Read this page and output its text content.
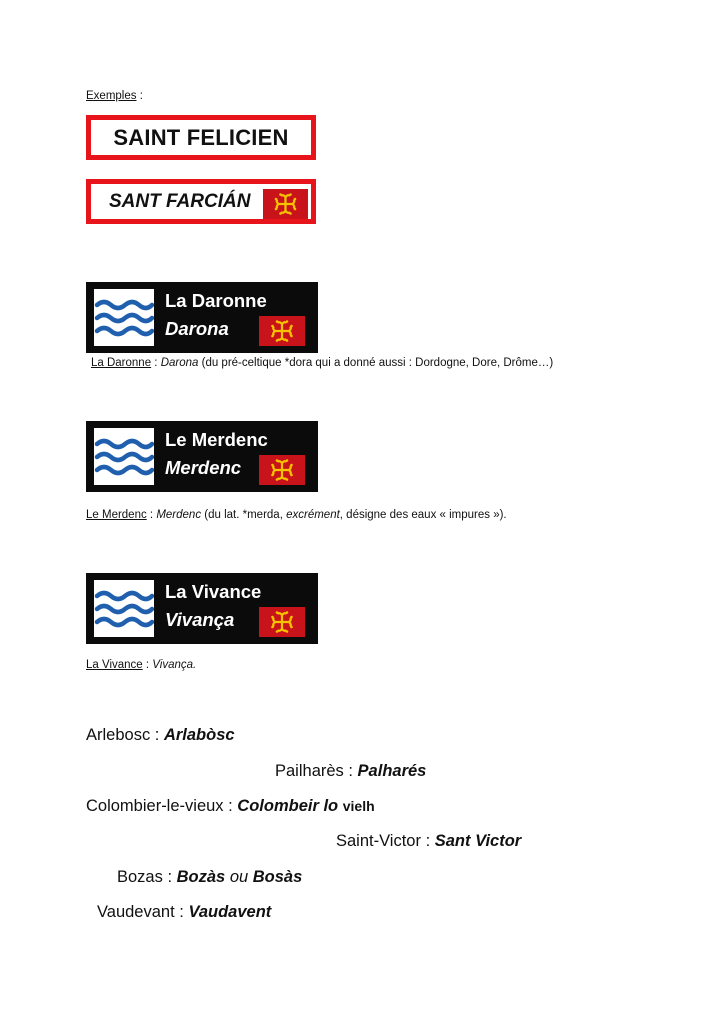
Exemples :
SAINT FELICIEN
SANT FARCIÁN
La Daronne
Darona
La Daronne : Darona (du pré-celtique *dora qui a donné aussi : Dordogne, Dore, Drôme…)
Le Merdenc
Merdenc
Le Merdenc : Merdenc (du lat. *merda, excrément, désigne des eaux « impures »).
La Vivance
Vivança
La Vivance : Vivança.
Arlebosc : Arlabòsc
Pailharès : Palharés
Colombier-le-vieux : Colombeir lo vielh
Saint-Victor : Sant Victor
Bozas : Bozàs ou Bosàs
Vaudevant : Vaudavent
